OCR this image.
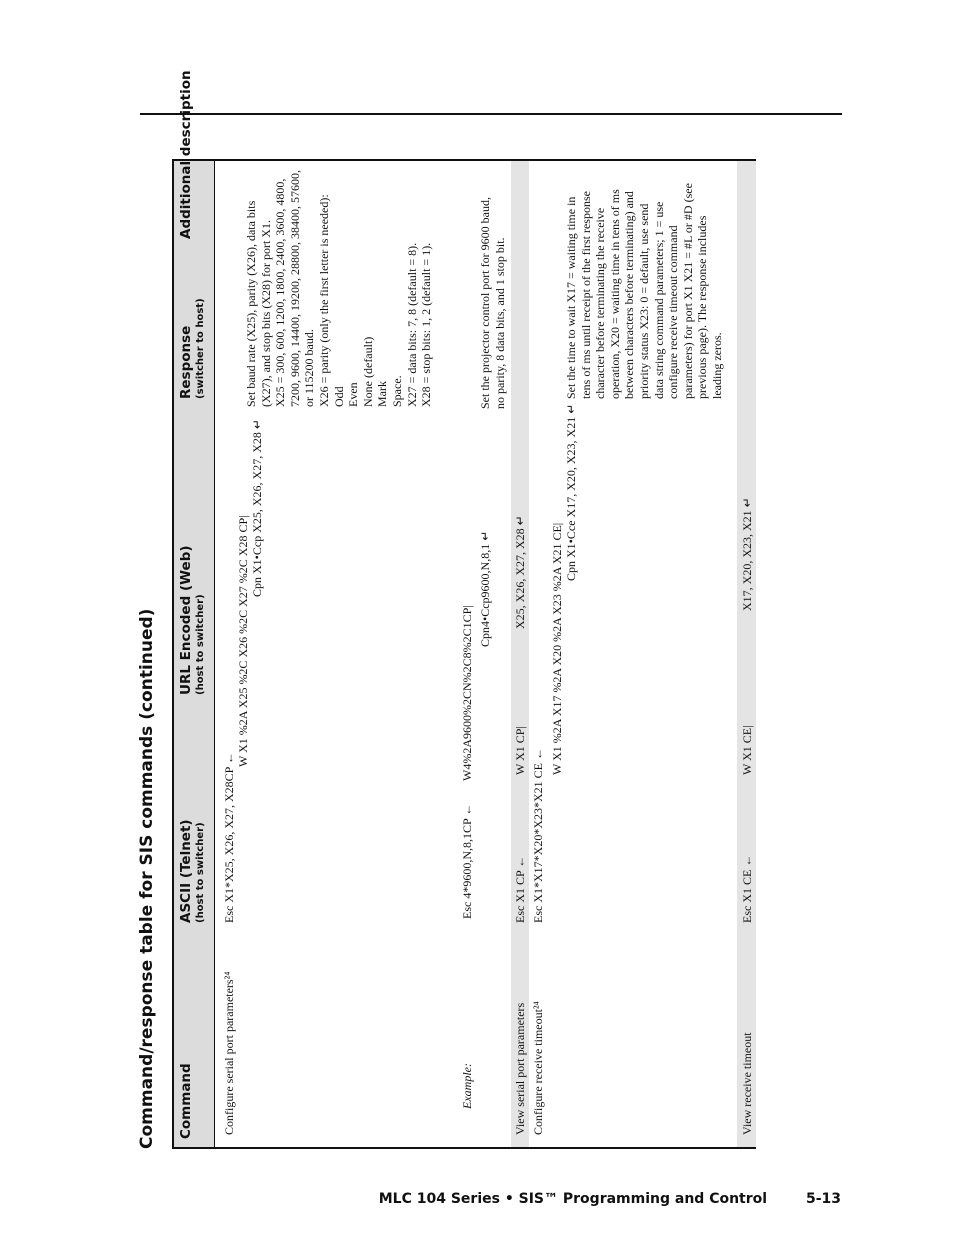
Command/response table for SIS commands (continued) Command
ASCII (Telnet) (host to switcher)
URL Encoded (Web) (host to switcher)
Response (switcher to host)
Additional description
Configure serial port parameters²⁴
Esc X1*X25, X26, X27, X28CP ←
W X1 %2A X25 %2C X26 %2C X27 %2C X28 CP|
Cpn X1•Ccp X25, X26, X27, X28 ↵
Set baud rate (X25), parity (X26), data bits (X27), and stop bits (X28) for port X1. X25 = 300, 600, 1200, 1800, 2400, 3600, 4800, 7200, 9600, 14400, 19200, 28800, 38400, 57600, or 115200 baud. X26 = parity (only the first letter is needed): Odd Even None (default) Mark Space. X27 = data bits: 7, 8 (default = 8). X28 = stop bits: 1, 2 (default = 1).
Example:
Esc 4*9600,N,8,1CP ←
W4%2A9600%2CN%2C8%2C1CP|
Cpn4•Ccp9600,N,8,1 ↵
Set the projector control port for 9600 baud, no parity, 8 data bits, and 1 stop bit.
View serial port parameters
Esc X1 CP ←
W X1 CP|
X25, X26, X27, X28 ↵
Configure receive timeout²⁴
Esc X1*X17*X20*X23*X21 CE ←
W X1 %2A X17 %2A X20 %2A X23 %2A X21 CE|
Cpn X1•Cce X17, X20, X23, X21 ↵
Set the time to wait X17 = waiting time in tens of ms until receipt of the first response character before terminating the receive operation, X20 = waiting time in tens of ms between characters before terminating) and priority status X23: 0 = default, use send data string command parameters; 1 = use configure receive timeout command parameters) for port X1 X21 = #L or #D (see previous page). The response includes leading zeros.
View receive timeout
Esc X1 CE ←
W X1 CE|
X17, X20, X23, X21 ↵
MLC 104 Series • SIS™ Programming and Control	5-13
